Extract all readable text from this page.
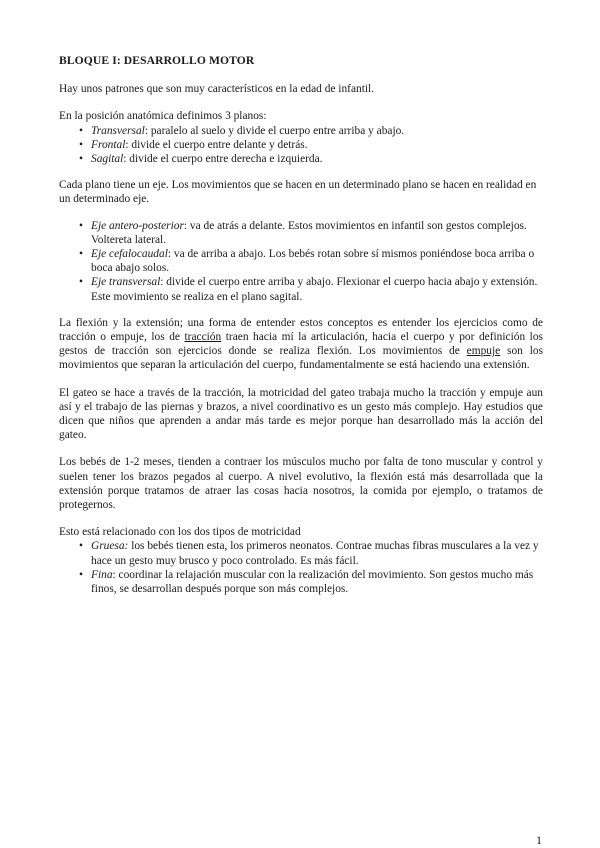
BLOQUE I: DESARROLLO MOTOR

Hay unos patrones que son muy característicos en la edad de infantil.

En la posición anatómica definimos 3 planos:
• Transversal: paralelo al suelo y divide el cuerpo entre arriba y abajo.
• Frontal: divide el cuerpo entre delante y detrás.
• Sagital: divide el cuerpo entre derecha e izquierda.
Cada plano tiene un eje. Los movimientos que se hacen en un determinado plano se hacen en realidad en un determinado eje.
• Eje antero-posterior: va de atrás a delante. Estos movimientos en infantil son gestos complejos. Voltereta lateral.
• Eje cefalocaudal: va de arriba a abajo. Los bebés rotan sobre sí mismos poniéndose boca arriba o boca abajo solos.
• Eje transversal: divide el cuerpo entre arriba y abajo. Flexionar el cuerpo hacia abajo y extensión. Este movimiento se realiza en el plano sagital.

La flexión y la extensión; una forma de entender estos conceptos es entender los ejercicios como de tracción o empuje, los de tracción traen hacia mí la articulación, hacia el cuerpo y por definición los gestos de tracción son ejercicios donde se realiza flexión. Los movimientos de empuje son los movimientos que separan la articulación del cuerpo, fundamentalmente se está haciendo una extensión.

El gateo se hace a través de la tracción, la motricidad del gateo trabaja mucho la tracción y empuje aun así y el trabajo de las piernas y brazos, a nivel coordinativo es un gesto más complejo. Hay estudios que dicen que niños que aprenden a andar más tarde es mejor porque han desarrollado más la acción del gateo.

Los bebés de 1-2 meses, tienden a contraer los músculos mucho por falta de tono muscular y control y suelen tener los brazos pegados al cuerpo. A nivel evolutivo, la flexión está más desarrollada que la extensión porque tratamos de atraer las cosas hacia nosotros, la comida por ejemplo, o tratamos de protegernos.

Esto está relacionado con los dos tipos de motricidad
• Gruesa: los bebés tienen esta, los primeros neonatos. Contrae muchas fibras musculares a la vez y hace un gesto muy brusco y poco controlado. Es más fácil.
• Fina: coordinar la relajación muscular con la realización del movimiento. Son gestos mucho más finos, se desarrollan después porque son más complejos.
1
